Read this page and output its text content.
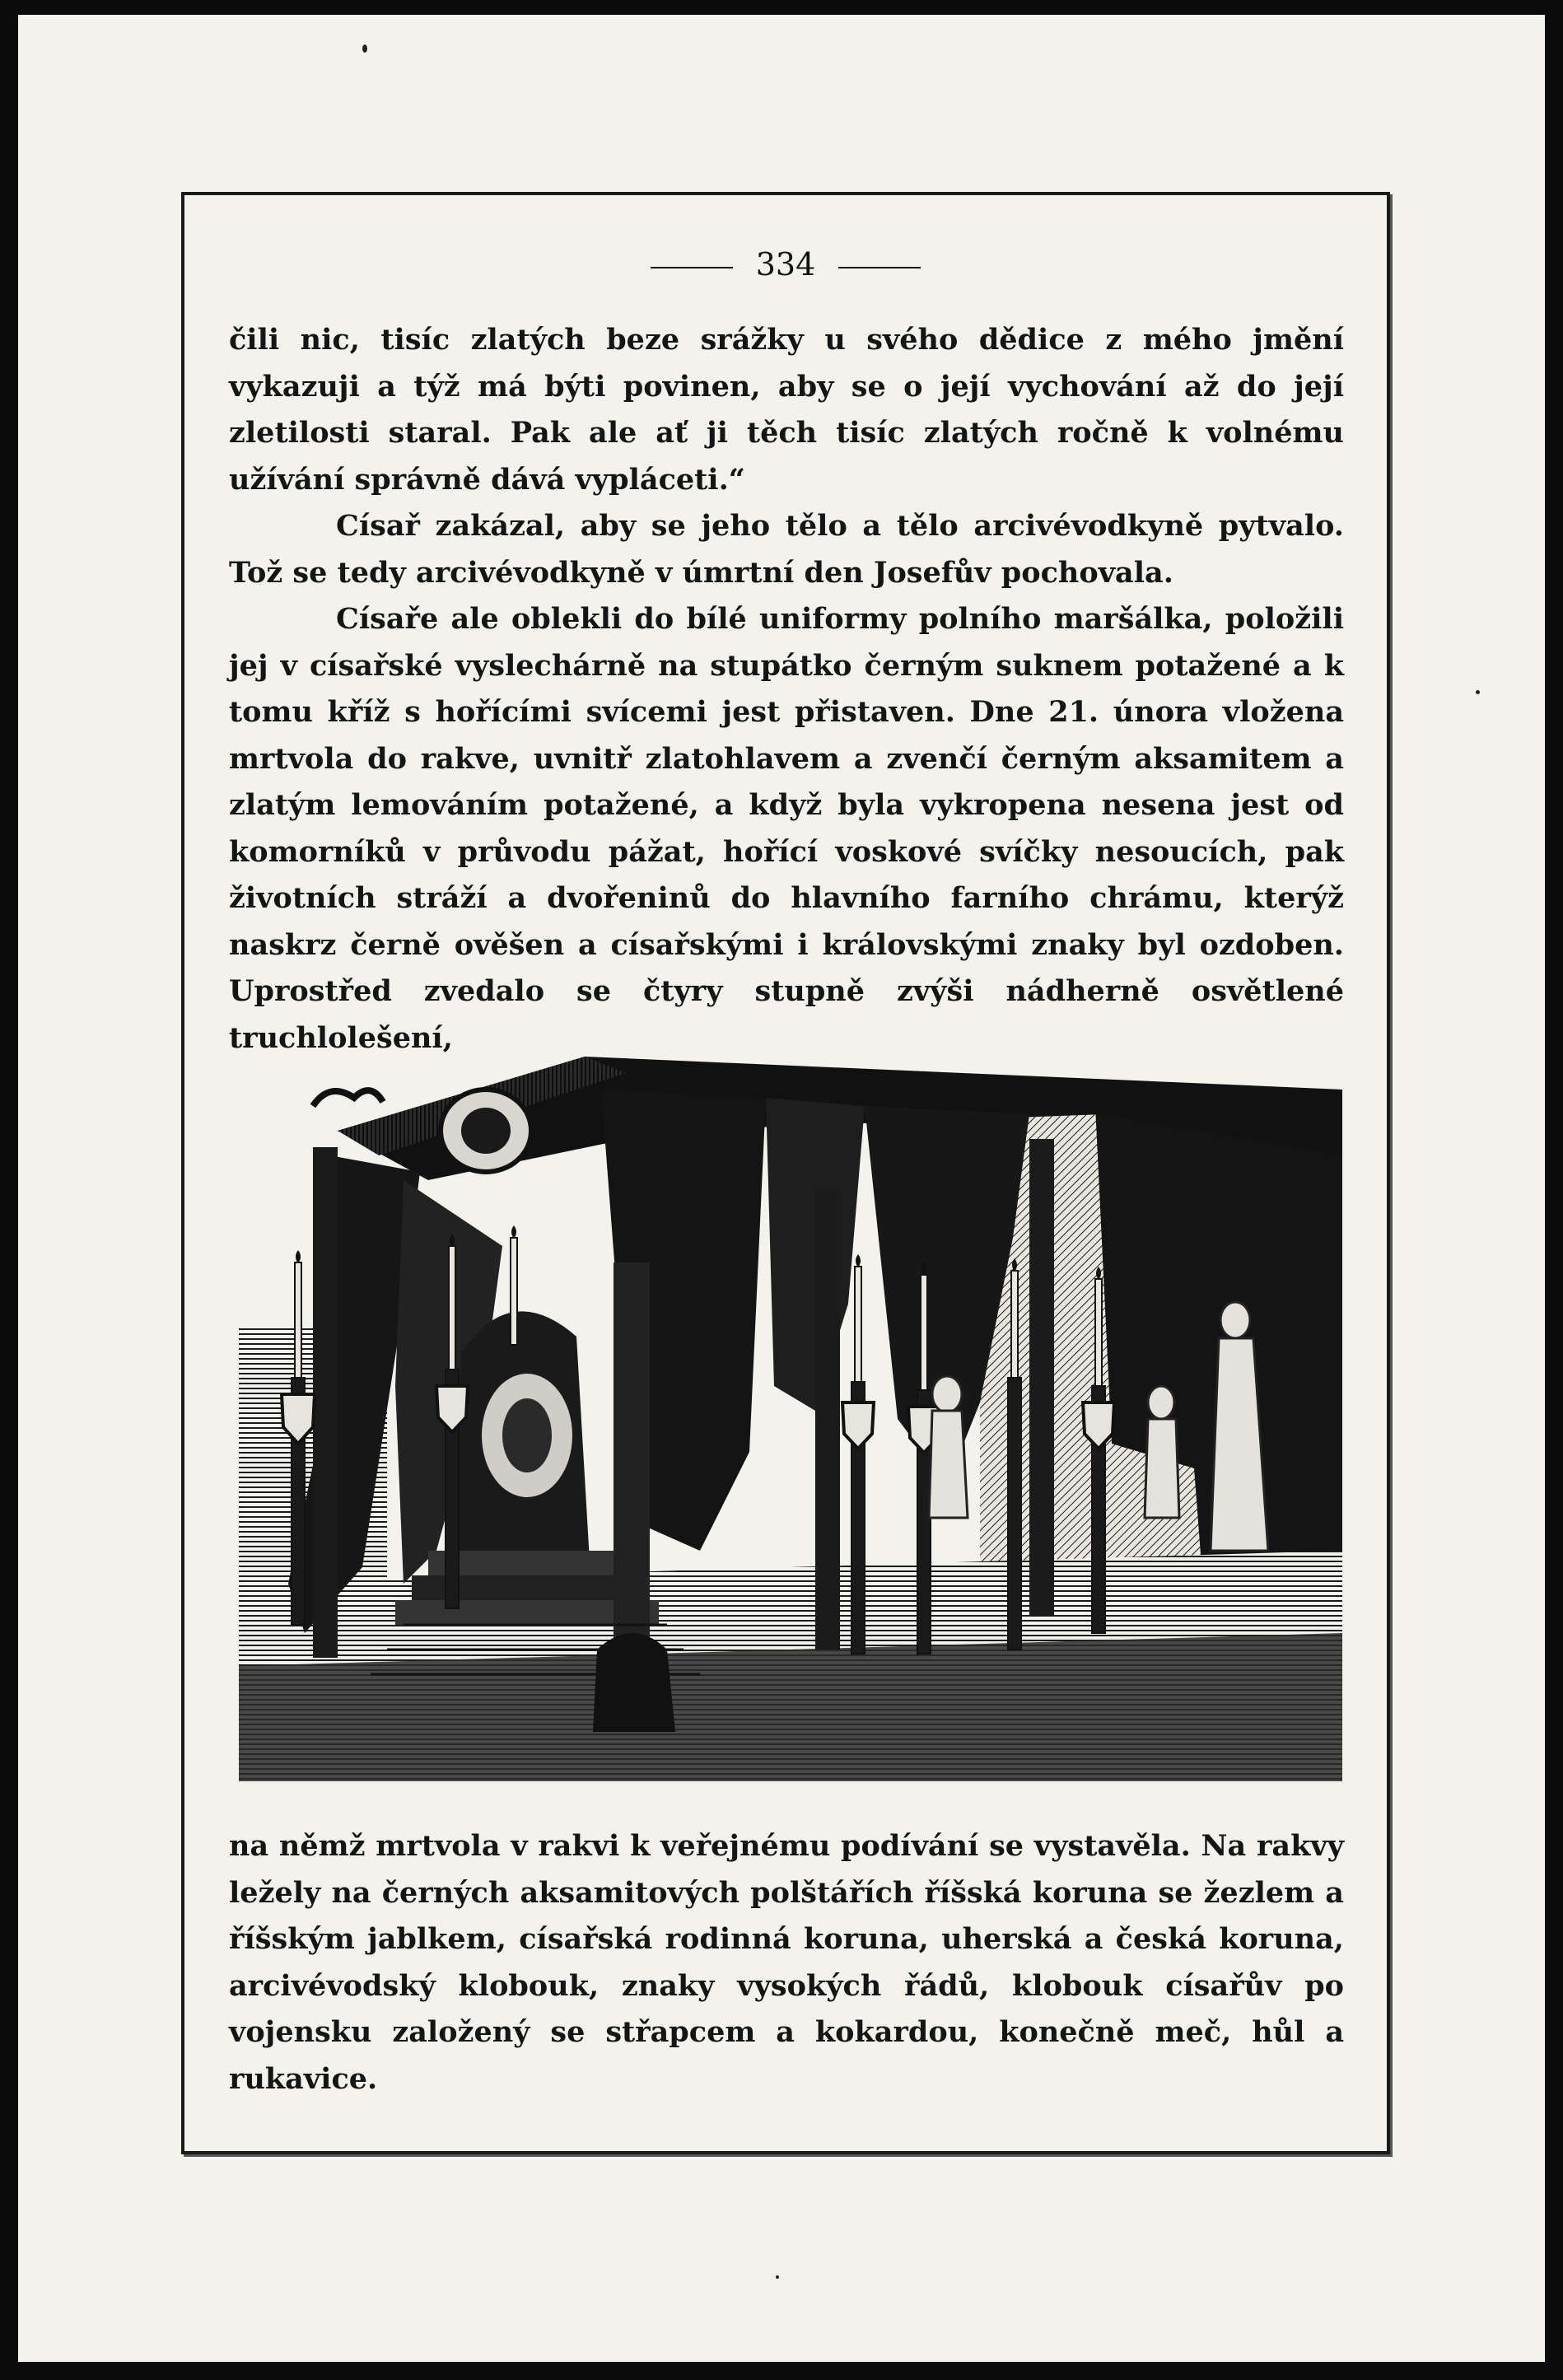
334

čili nic, tisíc zlatých beze srážky u svého dědice z mého jmění vykazuji a týž má býti povinen, aby se o její vychování až do její zletilosti staral. Pak ale ať ji těch tisíc zlatých ročně k volnému užívání správně dává vypláceti.“

Císař zakázal, aby se jeho tělo a tělo arcivévodkyně pytvalo. Tož se tedy arcivévodkyně v úmrtní den Josefův pochovala.

Císaře ale oblekli do bílé uniformy polního maršálka, položili jej v císařské vyslechárně na stupátko černým suknem potažené a k tomu kříž s hořícími svícemi jest přistaven. Dne 21. února vložena mrtvola do rakve, uvnitř zlatohlavem a zvenčí černým aksamitem a zlatým lemováním potažené, a když byla vykropena nesena jest od komorníků v průvodu pážat, hořící voskové svíčky nesoucích, pak životních stráží a dvořeninů do hlavního farního chrámu, kterýž naskrz černě ověšen a císařskými i královskými znaky byl ozdoben. Uprostřed zvedalo se čtyry stupně zvýši nádherně osvětlené truchlolešení,

na němž mrtvola v rakvi k veřejnému podívání se vystavěla. Na rakvy ležely na černých aksamitových polštářích říšská koruna se žezlem a říšským jablkem, císařská rodinná koruna, uherská a česká koruna, arcivévodský klobouk, znaky vysokých řádů, klobouk císařův po vojensku založený se střapcem a kokardou, konečně meč, hůl a rukavice.
